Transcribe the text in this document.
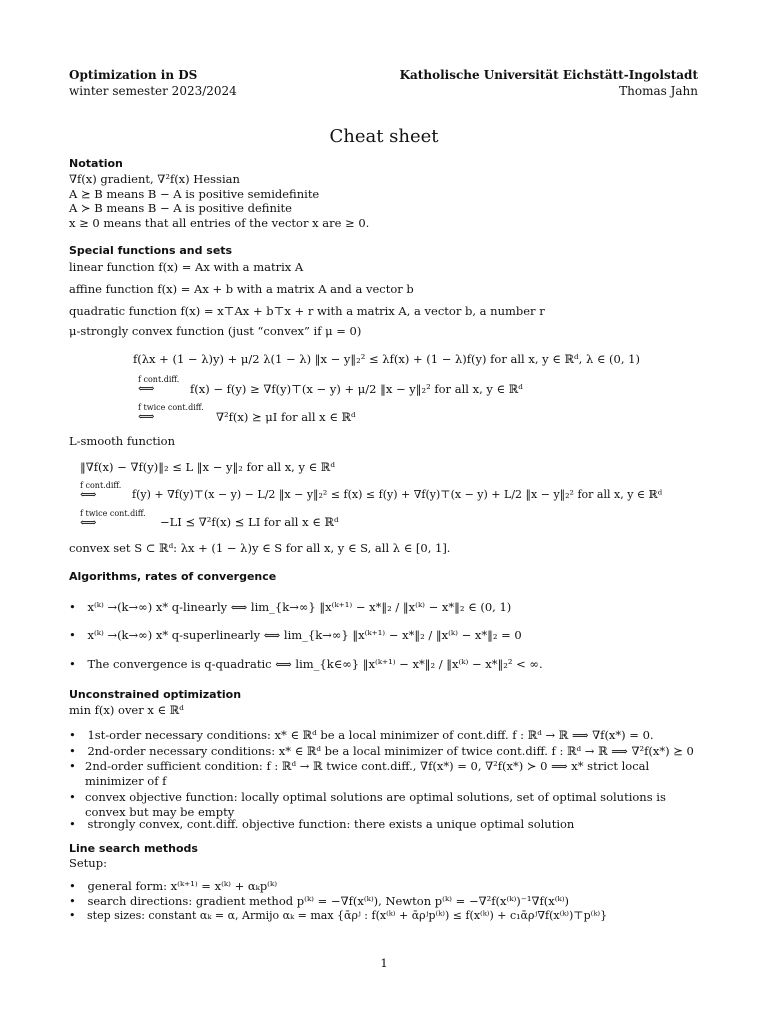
Optimization in DS
winter semester 2023/2024
Katholische Universität Eichstätt-Ingolstadt
Thomas Jahn
Cheat sheet
Notation
∇f(x) gradient, ∇²f(x) Hessian
A ⪰ B means B − A is positive semidefinite
A ≻ B means B − A is positive definite
x ≥ 0 means that all entries of the vector x are ≥ 0.
Special functions and sets
linear function f(x) = Ax with a matrix A
affine function f(x) = Ax + b with a matrix A and a vector b
quadratic function f(x) = x⊤Ax + b⊤x + r with a matrix A, a vector b, a number r
μ-strongly convex function (just “convex” if μ = 0)
f(λx + (1 − λ)y) + μ/2 λ(1 − λ) ‖x − y‖₂² ≤ λf(x) + (1 − λ)f(y) for all x, y ∈ ℝᵈ, λ ∈ (0, 1)
f cont.diff.
⟺	f(x) − f(y) ≥ ∇f(y)⊤(x − y) + μ/2 ‖x − y‖₂² for all x, y ∈ ℝᵈ
f twice cont.diff.
⟺	∇²f(x) ⪰ μI for all x ∈ ℝᵈ
L-smooth function
‖∇f(x) − ∇f(y)‖₂ ≤ L ‖x − y‖₂ for all x, y ∈ ℝᵈ
f cont.diff.
⟺	f(y) + ∇f(y)⊤(x − y) − L/2 ‖x − y‖₂² ≤ f(x) ≤ f(y) + ∇f(y)⊤(x − y) + L/2 ‖x − y‖₂² for all x, y ∈ ℝᵈ
f twice cont.diff.
⟺	−LI ⪯ ∇²f(x) ⪯ LI for all x ∈ ℝᵈ
convex set S ⊂ ℝᵈ: λx + (1 − λ)y ∈ S for all x, y ∈ S, all λ ∈ [0, 1].
Algorithms, rates of convergence
• x⁽ᵏ⁾ →(k→∞) x* q-linearly ⟺ lim_{k→∞} ‖x⁽ᵏ⁺¹⁾ − x*‖₂ / ‖x⁽ᵏ⁾ − x*‖₂ ∈ (0, 1)
• x⁽ᵏ⁾ →(k→∞) x* q-superlinearly ⟺ lim_{k→∞} ‖x⁽ᵏ⁺¹⁾ − x*‖₂ / ‖x⁽ᵏ⁾ − x*‖₂ = 0
• The convergence is q-quadratic ⟺ lim_{k∈∞} ‖x⁽ᵏ⁺¹⁾ − x*‖₂ / ‖x⁽ᵏ⁾ − x*‖₂² < ∞.
Unconstrained optimization
min f(x) over x ∈ ℝᵈ
• 1st-order necessary conditions: x* ∈ ℝᵈ be a local minimizer of cont.diff. f : ℝᵈ → ℝ ⟹ ∇f(x*) = 0.
• 2nd-order necessary conditions: x* ∈ ℝᵈ be a local minimizer of twice cont.diff. f : ℝᵈ → ℝ ⟹ ∇²f(x*) ⪰ 0
• 2nd-order sufficient condition: f : ℝᵈ → ℝ twice cont.diff., ∇f(x*) = 0, ∇²f(x*) ≻ 0 ⟹ x* strict local minimizer of f
• convex objective function: locally optimal solutions are optimal solutions, set of optimal solutions is convex but may be empty
• strongly convex, cont.diff. objective function: there exists a unique optimal solution
Line search methods
Setup:
• general form: x⁽ᵏ⁺¹⁾ = x⁽ᵏ⁾ + αₖp⁽ᵏ⁾
• search directions: gradient method p⁽ᵏ⁾ = −∇f(x⁽ᵏ⁾), Newton p⁽ᵏ⁾ = −∇²f(x⁽ᵏ⁾)⁻¹∇f(x⁽ᵏ⁾)
• step sizes: constant αₖ = α, Armijo αₖ = max {ᾱρʲ : f(x⁽ᵏ⁾ + ᾱρʲp⁽ᵏ⁾) ≤ f(x⁽ᵏ⁾) + c₁ᾱρʲ∇f(x⁽ᵏ⁾)⊤p⁽ᵏ⁾}
1
